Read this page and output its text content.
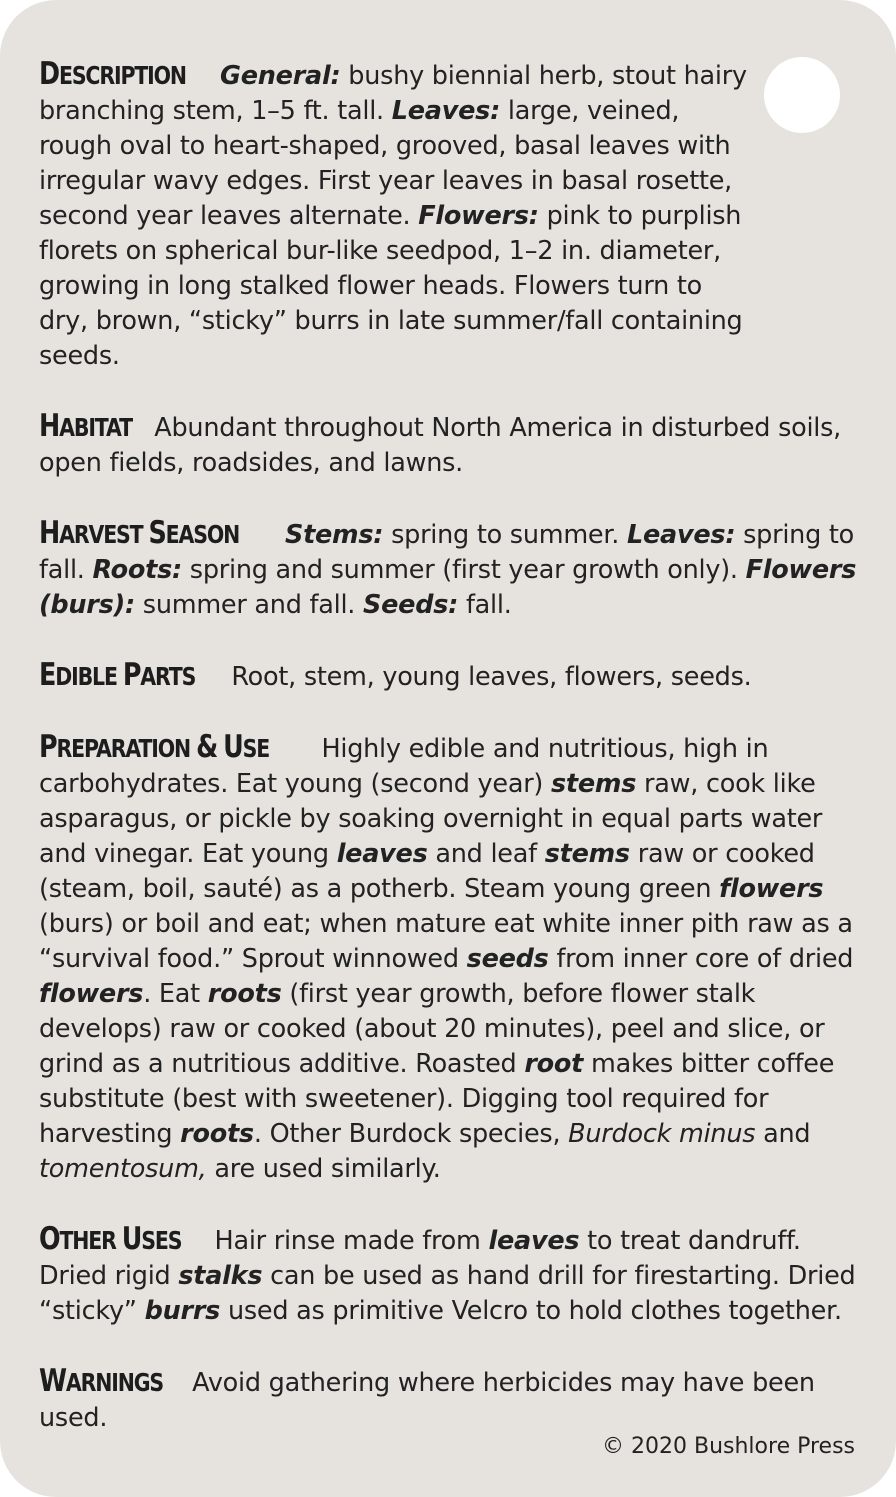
DESCRIPTION General: bushy biennial herb, stout hairy branching stem, 1–5 ft. tall. Leaves: large, veined, rough oval to heart-shaped, grooved, basal leaves with irregular wavy edges. First year leaves in basal rosette, second year leaves alternate. Flowers: pink to purplish florets on spherical bur-like seedpod, 1–2 in. diameter, growing in long stalked flower heads. Flowers turn to dry, brown, “sticky” burrs in late summer/fall containing seeds.
HABITAT Abundant throughout North America in disturbed soils, open fields, roadsides, and lawns.
HARVEST SEASON Stems: spring to summer. Leaves: spring to fall. Roots: spring and summer (first year growth only). Flowers (burs): summer and fall. Seeds: fall.
EDIBLE PARTS Root, stem, young leaves, flowers, seeds.
PREPARATION & USE Highly edible and nutritious, high in carbohydrates. Eat young (second year) stems raw, cook like asparagus, or pickle by soaking overnight in equal parts water and vinegar. Eat young leaves and leaf stems raw or cooked (steam, boil, sauté) as a potherb. Steam young green flowers (burs) or boil and eat; when mature eat white inner pith raw as a “survival food.” Sprout winnowed seeds from inner core of dried flowers. Eat roots (first year growth, before flower stalk develops) raw or cooked (about 20 minutes), peel and slice, or grind as a nutritious additive. Roasted root makes bitter coffee substitute (best with sweetener). Digging tool required for harvesting roots. Other Burdock species, Burdock minus and tomentosum, are used similarly.
OTHER USES Hair rinse made from leaves to treat dandruff. Dried rigid stalks can be used as hand drill for firestarting. Dried “sticky” burrs used as primitive Velcro to hold clothes together.
WARNINGS Avoid gathering where herbicides may have been used.
© 2020 Bushlore Press
